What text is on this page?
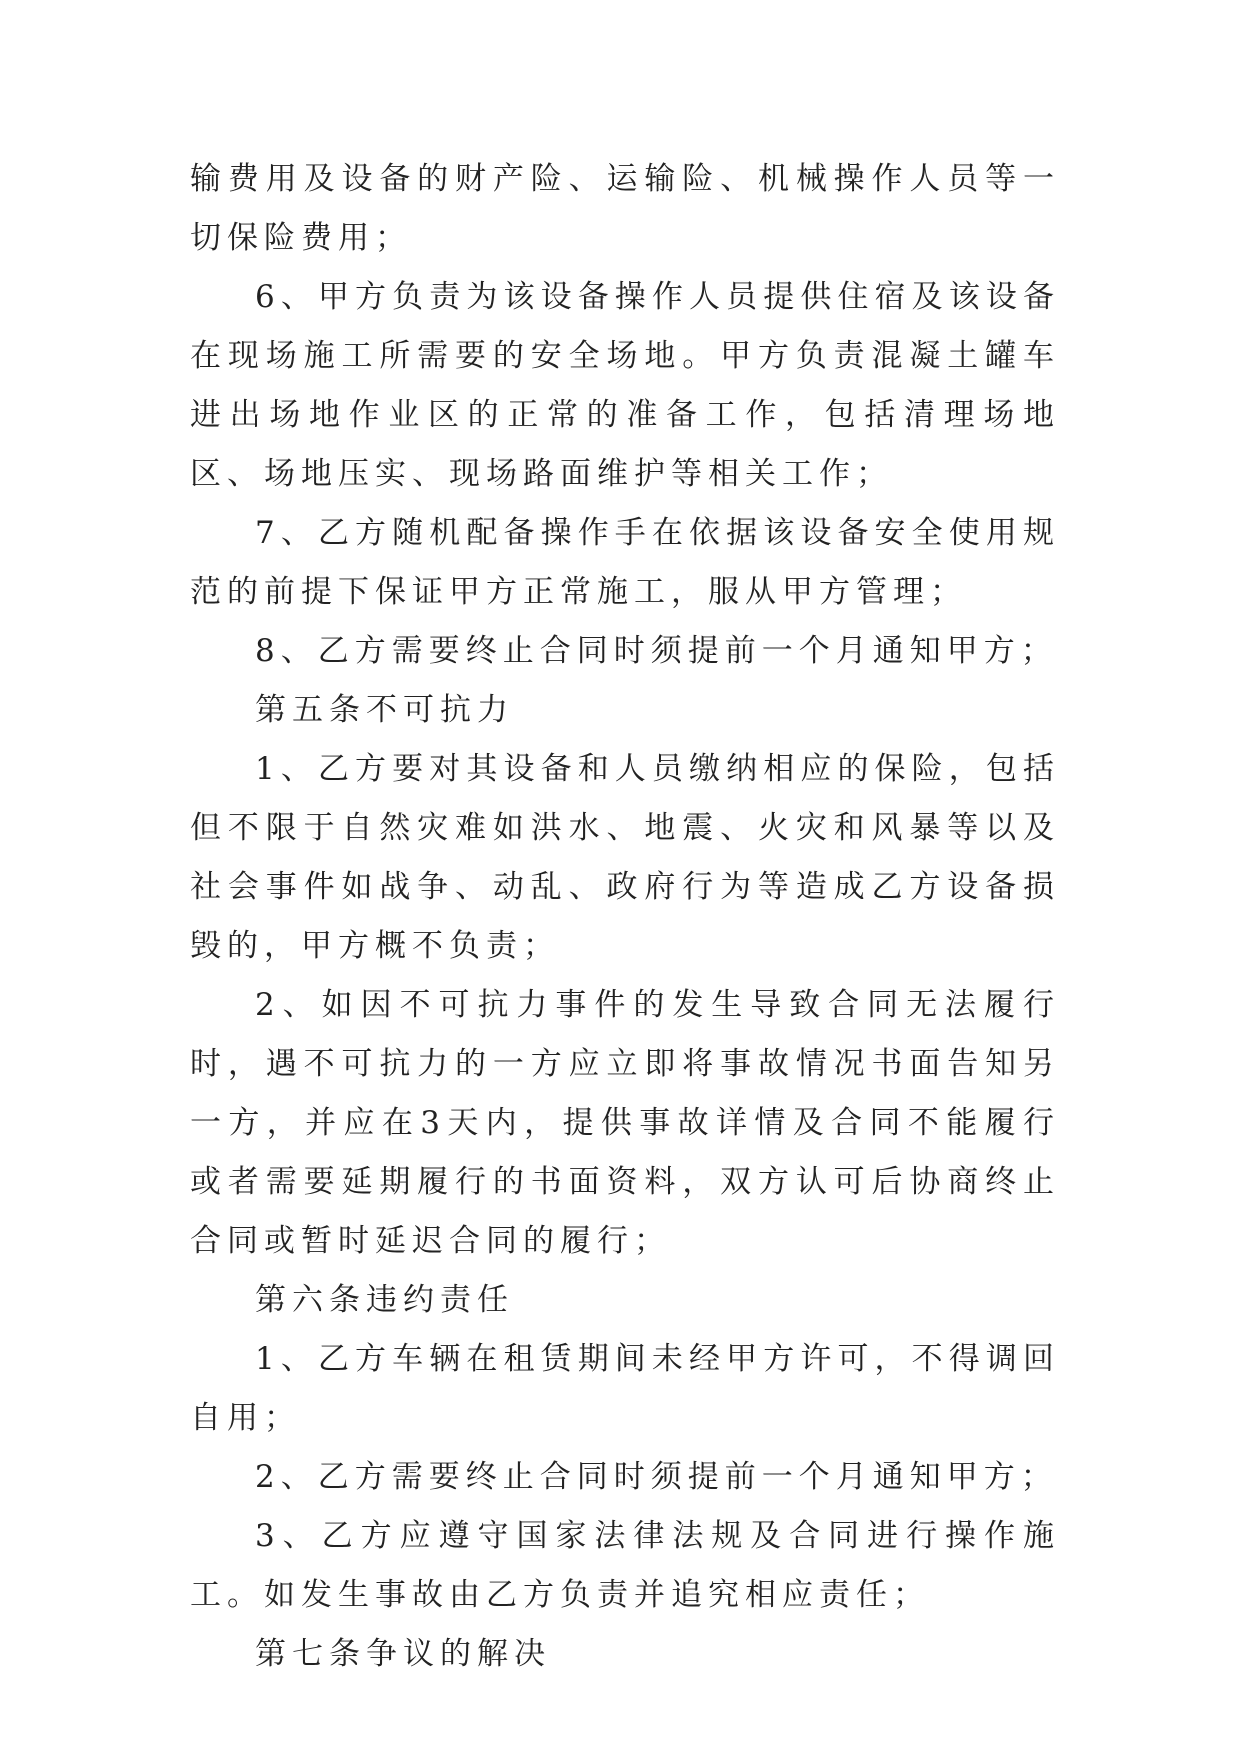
输费用及设备的财产险、运输险、机械操作人员等一切保险费用；

6、甲方负责为该设备操作人员提供住宿及该设备在现场施工所需要的安全场地。甲方负责混凝土罐车进出场地作业区的正常的准备工作，包括清理场地区、场地压实、现场路面维护等相关工作；

7、乙方随机配备操作手在依据该设备安全使用规范的前提下保证甲方正常施工，服从甲方管理；

8、乙方需要终止合同时须提前一个月通知甲方；

第五条不可抗力

1、乙方要对其设备和人员缴纳相应的保险，包括但不限于自然灾难如洪水、地震、火灾和风暴等以及社会事件如战争、动乱、政府行为等造成乙方设备损毁的，甲方概不负责；

2、如因不可抗力事件的发生导致合同无法履行时，遇不可抗力的一方应立即将事故情况书面告知另一方，并应在3天内，提供事故详情及合同不能履行或者需要延期履行的书面资料，双方认可后协商终止合同或暂时延迟合同的履行；

第六条违约责任

1、乙方车辆在租赁期间未经甲方许可，不得调回自用；

2、乙方需要终止合同时须提前一个月通知甲方；

3、乙方应遵守国家法律法规及合同进行操作施工。如发生事故由乙方负责并追究相应责任；

第七条争议的解决
